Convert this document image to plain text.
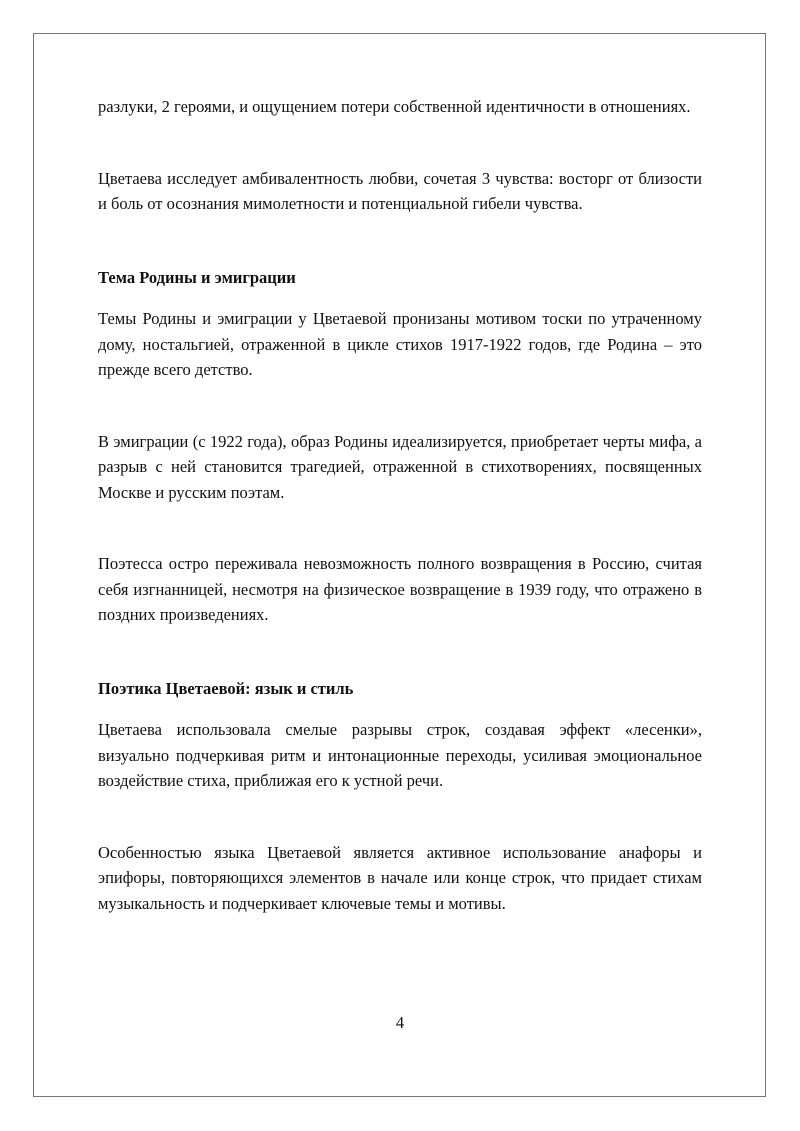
разлуки, 2 героями, и ощущением потери собственной идентичности в отношениях.

Цветаева исследует амбивалентность любви, сочетая 3 чувства: восторг от близости и боль от осознания мимолетности и потенциальной гибели чувства.

Тема Родины и эмиграции

Темы Родины и эмиграции у Цветаевой пронизаны мотивом тоски по утраченному дому, ностальгией, отраженной в цикле стихов 1917-1922 годов, где Родина – это прежде всего детство.

В эмиграции (с 1922 года), образ Родины идеализируется, приобретает черты мифа, а разрыв с ней становится трагедией, отраженной в стихотворениях, посвященных Москве и русским поэтам.

Поэтесса остро переживала невозможность полного возвращения в Россию, считая себя изгнанницей, несмотря на физическое возвращение в 1939 году, что отражено в поздних произведениях.

Поэтика Цветаевой: язык и стиль

Цветаева использовала смелые разрывы строк, создавая эффект «лесенки», визуально подчеркивая ритм и интонационные переходы, усиливая эмоциональное воздействие стиха, приближая его к устной речи.

Особенностью языка Цветаевой является активное использование анафоры и эпифоры, повторяющихся элементов в начале или конце строк, что придает стихам музыкальность и подчеркивает ключевые темы и мотивы.

4
